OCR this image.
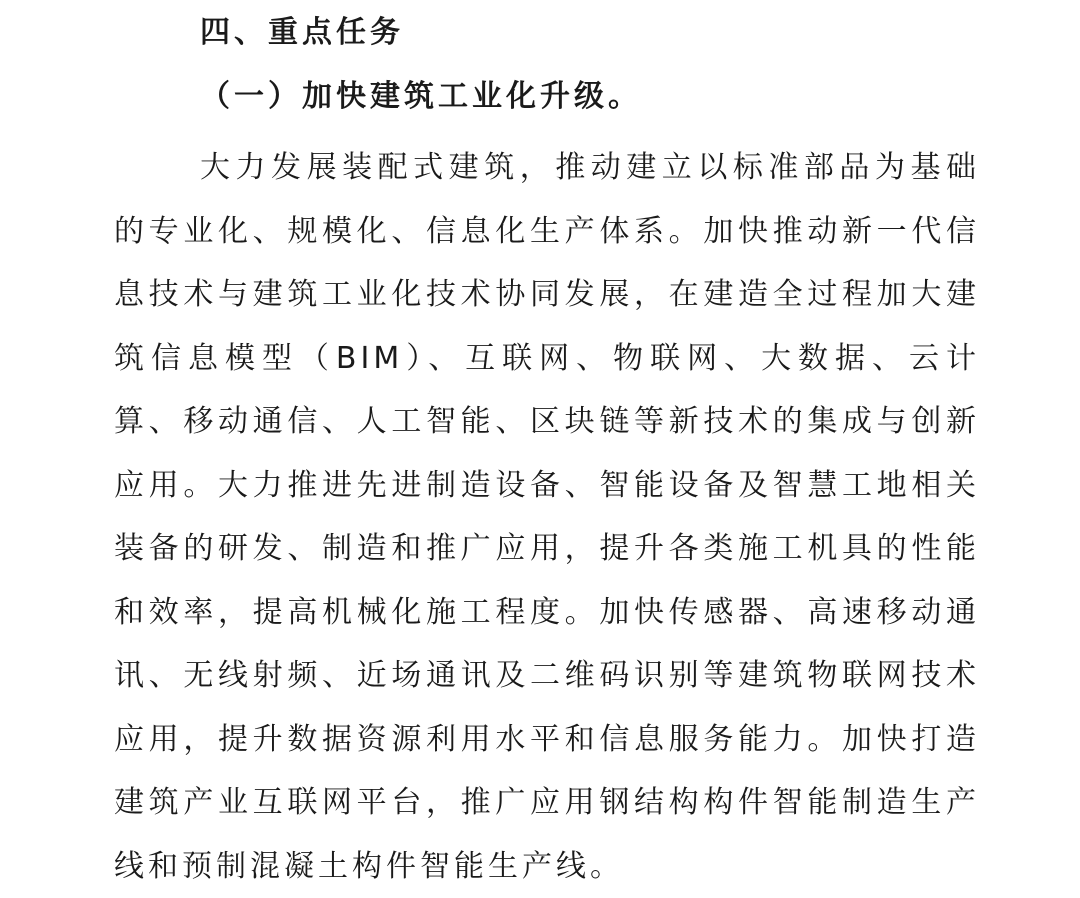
四、重点任务
（一）加快建筑工业化升级。

大力发展装配式建筑，推动建立以标准部品为基础的专业化、规模化、信息化生产体系。加快推动新一代信息技术与建筑工业化技术协同发展，在建造全过程加大建筑信息模型（BIM）、互联网、物联网、大数据、云计算、移动通信、人工智能、区块链等新技术的集成与创新应用。大力推进先进制造设备、智能设备及智慧工地相关装备的研发、制造和推广应用，提升各类施工机具的性能和效率，提高机械化施工程度。加快传感器、高速移动通讯、无线射频、近场通讯及二维码识别等建筑物联网技术应用，提升数据资源利用水平和信息服务能力。加快打造建筑产业互联网平台，推广应用钢结构构件智能制造生产线和预制混凝土构件智能生产线。
